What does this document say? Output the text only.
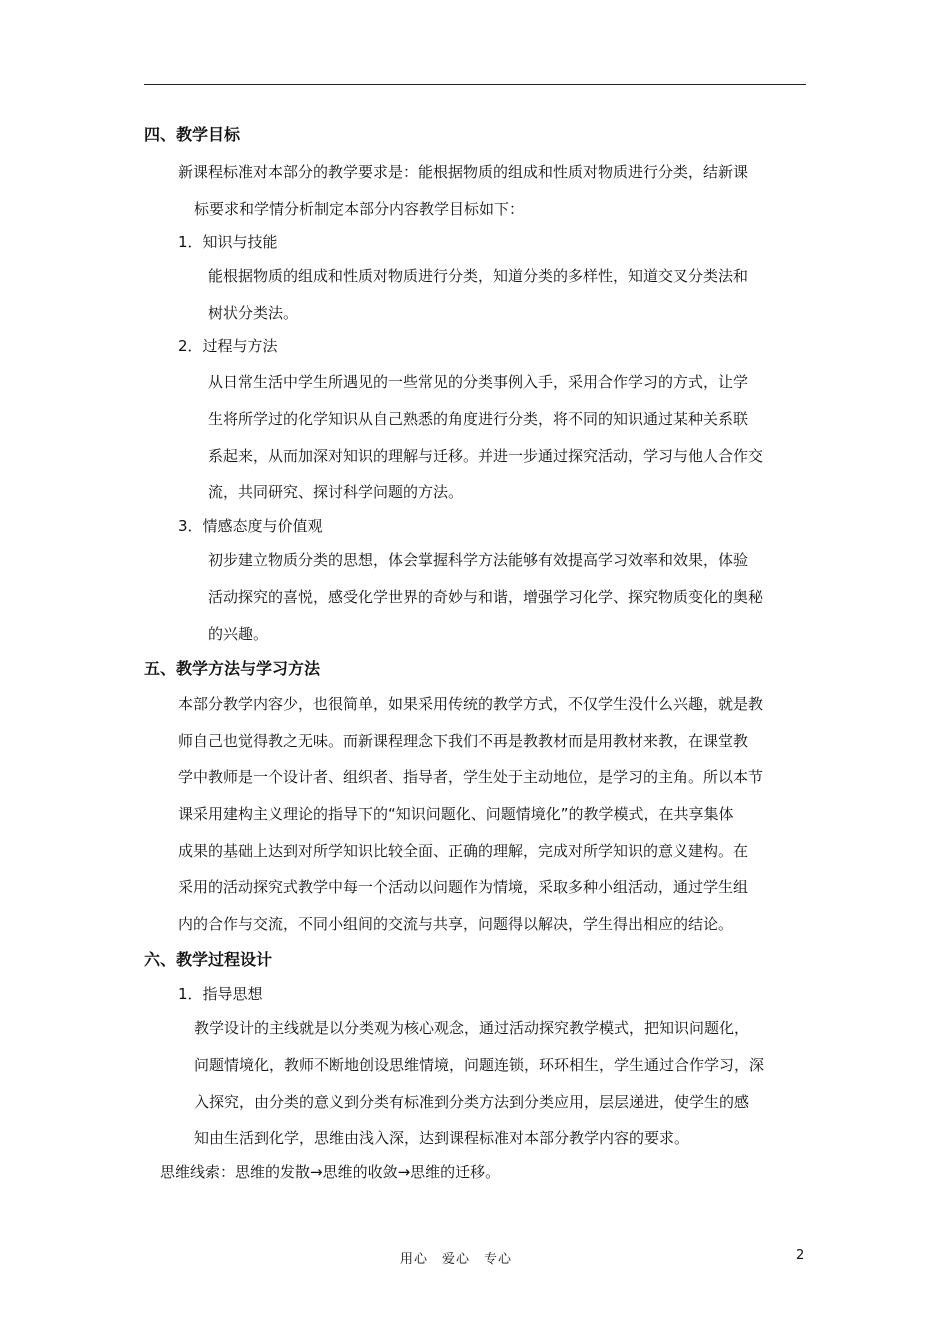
四、教学目标
新课程标准对本部分的教学要求是：能根据物质的组成和性质对物质进行分类，结新课
标要求和学情分析制定本部分内容教学目标如下：
1．知识与技能
能根据物质的组成和性质对物质进行分类，知道分类的多样性，知道交叉分类法和
树状分类法。
2．过程与方法
从日常生活中学生所遇见的一些常见的分类事例入手，采用合作学习的方式，让学
生将所学过的化学知识从自己熟悉的角度进行分类，将不同的知识通过某种关系联
系起来，从而加深对知识的理解与迁移。并进一步通过探究活动，学习与他人合作交
流，共同研究、探讨科学问题的方法。
3．情感态度与价值观
初步建立物质分类的思想，体会掌握科学方法能够有效提高学习效率和效果，体验
活动探究的喜悦，感受化学世界的奇妙与和谐，增强学习化学、探究物质变化的奥秘
的兴趣。
五、教学方法与学习方法
本部分教学内容少，也很简单，如果采用传统的教学方式，不仅学生没什么兴趣，就是教
师自己也觉得教之无味。而新课程理念下我们不再是教教材而是用教材来教，在课堂教
学中教师是一个设计者、组织者、指导者，学生处于主动地位，是学习的主角。所以本节
课采用建构主义理论的指导下的“知识问题化、问题情境化”的教学模式，在共享集体
成果的基础上达到对所学知识比较全面、正确的理解，完成对所学知识的意义建构。在
采用的活动探究式教学中每一个活动以问题作为情境，采取多种小组活动，通过学生组
内的合作与交流，不同小组间的交流与共享，问题得以解决，学生得出相应的结论。
六、教学过程设计
1．指导思想
教学设计的主线就是以分类观为核心观念，通过活动探究教学模式，把知识问题化，
问题情境化，教师不断地创设思维情境，问题连锁，环环相生，学生通过合作学习，深
入探究，由分类的意义到分类有标准到分类方法到分类应用，层层递进，使学生的感
知由生活到化学，思维由浅入深，达到课程标准对本部分教学内容的要求。
思维线索：思维的发散→思维的收敛→思维的迁移。
用心　爱心　专心	2
